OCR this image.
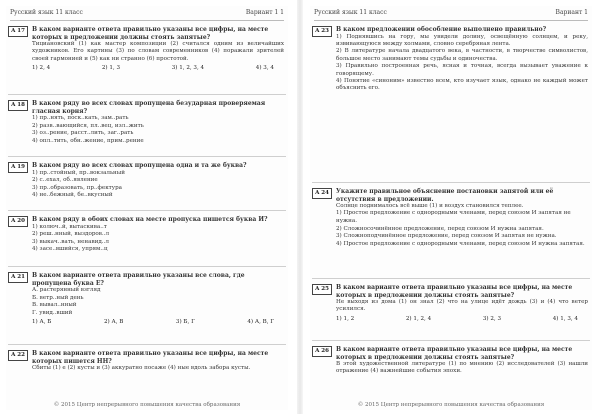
Русский язык 11 класс	Вариант 1 1
A 17	В каком варианте ответа правильно указаны все цифры, на месте которых в предложении должны стоять запятые?

Тициановский (1) как мастер композиции (2) считался одним из величайших художников. Его картины (3) по словам современников (4) поражали зрителей своей гармонией и (5) как ни странно (6) простотой.

1) 2, 4	2) 1, 3	3) 1, 2, 3, 4	4) 3, 4
A 18	В каком ряду во всех словах пропущена безударная проверяемая гласная корня?

1) пр..нять, поск..кать, зам..рать

2) разв..вающийся, пл..вец, изл..жить

3) оз..рение, расст..лить, заг..рать

4) опл..тить, обн..жение, прим..рение

A 19	В каком ряду во всех словах пропущена одна и та же буква?

1) пр..стойный, пр..вокзальный

2) с..ехал, об..явление

3) пр..образовать, пр..фектура

4) не..бежный, бе..вкусный

A 20	В каком ряду в обоих словах на месте пропуска пишется буква И?

1) колюч..й, вытаскива..т

2) реш..нный, выздоров..л

3) выкач..вать, ненавид..л

4) засе..вшийся, упрям..ц

A 21	В каком варианте ответа правильно указаны все слова, где пропущена буква Е?

А. растерянный взгляд

Б. ветр..ный день

В. вывал..нный

Г. увид..вший

1) А, Б	2) А, В	3) Б, Г	4) А, В, Г
A 22	В каком варианте ответа правильно указаны все цифры, на месте которых пишется НН?

Сбиты (1) е (2) кусты и (3) аккуратно посаже (4) ные вдоль забора кусты.

© 2015 Центр непрерывного повышения качества образования
Русский язык 11 класс	Вариант 1
A 23	В каком предложении обособление выполнено правильно?

1) Поднявшись на гору, мы увидели долину, освещённую солнцем, и реку, извивающуюся между холмами, словно серебряная лента.

2) В литературе начала двадцатого века, в частности, в творчестве символистов, большое место занимают темы судьбы и одиночества.

3) Правильно построенная речь, ясная и точная, всегда вызывает уважение к говорящему.

4) Понятие «синоним» известно всем, кто изучает язык, однако не каждый может объяснить его.

A 24	Укажите правильное объяснение постановки запятой или её отсутствия в предложении.

Солнце поднималось всё выше (1) и воздух становился теплее.

1) Простое предложение с однородными членами, перед союзом И запятая не нужна.

2) Сложносочинённое предложение, перед союзом И нужна запятая.

3) Сложноподчинённое предложение, перед союзом И запятая не нужна.

4) Простое предложение с однородными членами, перед союзом И нужна запятая.

A 25	В каком варианте ответа правильно указаны все цифры, на месте которых в предложении должны стоять запятые?

Не выходя из дома (1) он знал (2) что на улице идёт дождь (3) и (4) что ветер усилился.

1) 1, 2	2) 1, 2, 4	3) 2, 3	4) 1, 3, 4
A 26	В каком варианте ответа правильно указаны все цифры, на месте которых в предложении должны стоять запятые?

В этой художественной литературе (1) по мнению (2) исследователей (3) нашли отражение (4) важнейшие события эпохи.

© 2015 Центр непрерывного повышения качества образования
